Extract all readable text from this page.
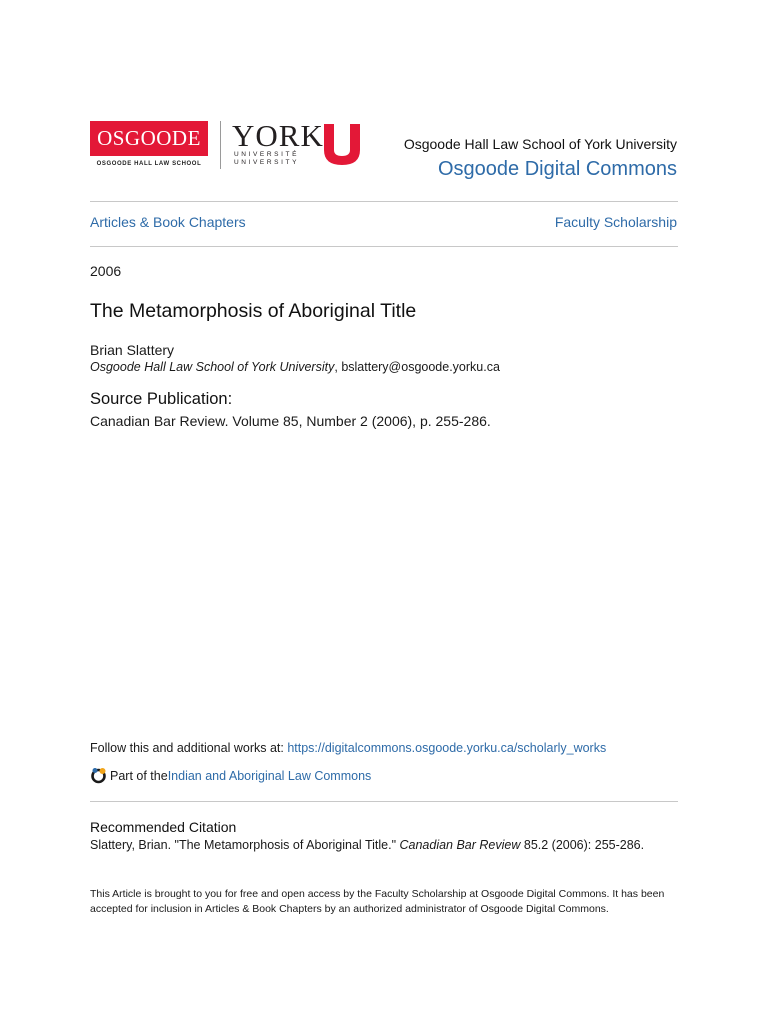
OSGOODE
OSGOODE HALL LAW SCHOOL
YORK
UNIVERSITÉ
UNIVERSITY
Osgoode Hall Law School of York University
Osgoode Digital Commons
Articles & Book Chapters	Faculty Scholarship
2006
The Metamorphosis of Aboriginal Title
Brian Slattery
Osgoode Hall Law School of York University, bslattery@osgoode.yorku.ca
Source Publication:
Canadian Bar Review. Volume 85, Number 2 (2006), p. 255-286.
Follow this and additional works at: https://digitalcommons.osgoode.yorku.ca/scholarly_works
Part of the Indian and Aboriginal Law Commons
Recommended Citation
Slattery, Brian. "The Metamorphosis of Aboriginal Title." Canadian Bar Review 85.2 (2006): 255-286.
This Article is brought to you for free and open access by the Faculty Scholarship at Osgoode Digital Commons. It has been accepted for inclusion in Articles & Book Chapters by an authorized administrator of Osgoode Digital Commons.
